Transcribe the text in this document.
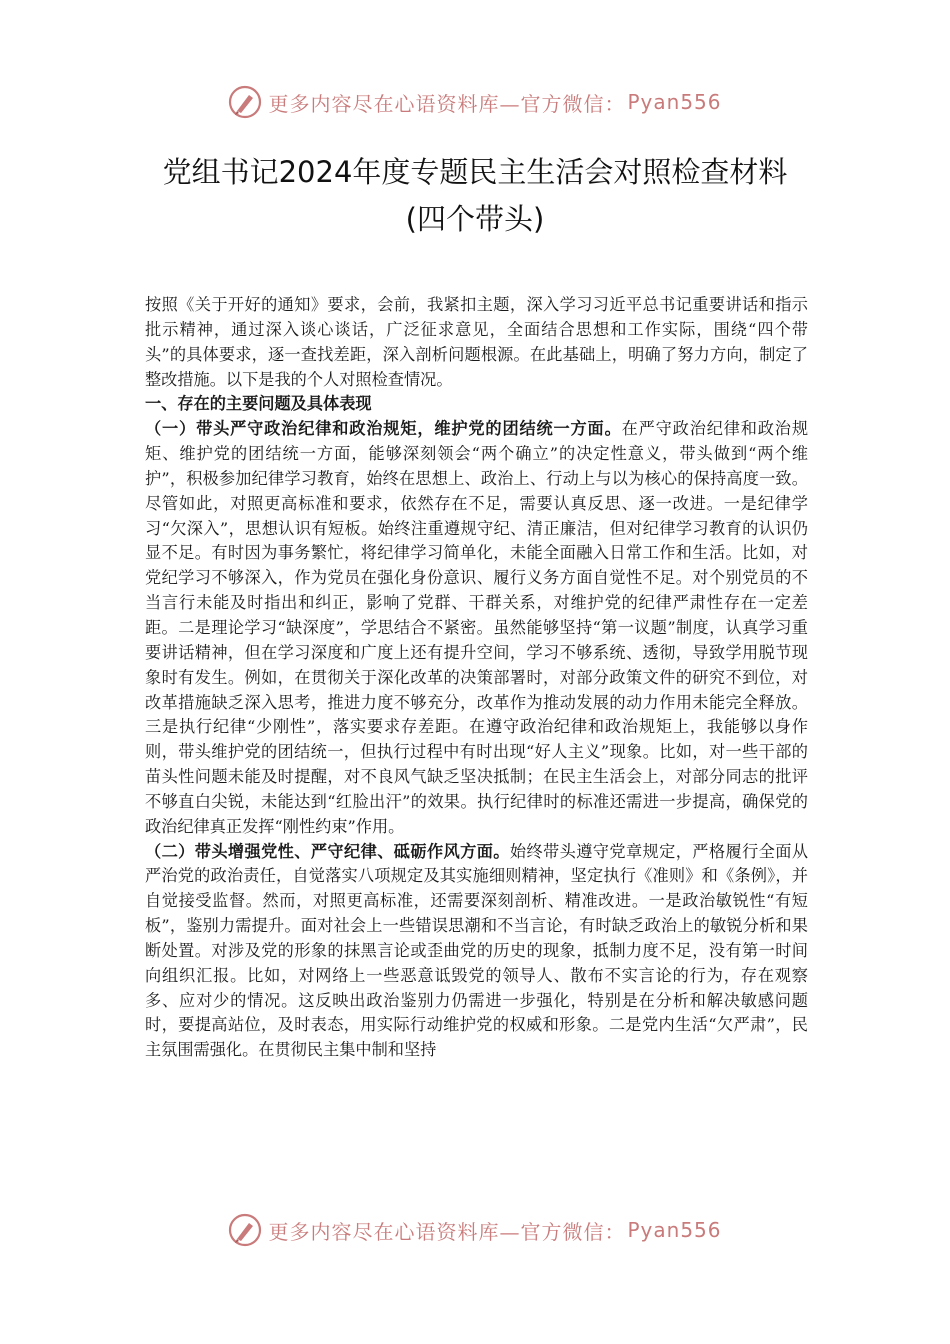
更多内容尽在心语资料库—官方微信： Pyan556
党组书记2024年度专题民主生活会对照检查材料
(四个带头)

按照《关于开好的通知》要求，会前，我紧扣主题，深入学习习近平总书记重要讲话和指示批示精神，通过深入谈心谈话，广泛征求意见，全面结合思想和工作实际，围绕“四个带头”的具体要求，逐一查找差距，深入剖析问题根源。在此基础上，明确了努力方向，制定了整改措施。以下是我的个人对照检查情况。

一、存在的主要问题及具体表现

（一）带头严守政治纪律和政治规矩，维护党的团结统一方面。在严守政治纪律和政治规矩、维护党的团结统一方面，能够深刻领会“两个确立”的决定性意义，带头做到“两个维护”，积极参加纪律学习教育，始终在思想上、政治上、行动上与以为核心的保持高度一致。尽管如此，对照更高标准和要求，依然存在不足，需要认真反思、逐一改进。一是纪律学习“欠深入”，思想认识有短板。始终注重遵规守纪、清正廉洁，但对纪律学习教育的认识仍显不足。有时因为事务繁忙，将纪律学习简单化，未能全面融入日常工作和生活。比如，对党纪学习不够深入，作为党员在强化身份意识、履行义务方面自觉性不足。对个别党员的不当言行未能及时指出和纠正，影响了党群、干群关系，对维护党的纪律严肃性存在一定差距。二是理论学习“缺深度”，学思结合不紧密。虽然能够坚持“第一议题”制度，认真学习重要讲话精神，但在学习深度和广度上还有提升空间，学习不够系统、透彻，导致学用脱节现象时有发生。例如，在贯彻关于深化改革的决策部署时，对部分政策文件的研究不到位，对改革措施缺乏深入思考，推进力度不够充分，改革作为推动发展的动力作用未能完全释放。三是执行纪律“少刚性”，落实要求存差距。在遵守政治纪律和政治规矩上，我能够以身作则，带头维护党的团结统一，但执行过程中有时出现“好人主义”现象。比如，对一些干部的苗头性问题未能及时提醒，对不良风气缺乏坚决抵制；在民主生活会上，对部分同志的批评不够直白尖锐，未能达到“红脸出汗”的效果。执行纪律时的标准还需进一步提高，确保党的政治纪律真正发挥“刚性约束”作用。

（二）带头增强党性、严守纪律、砥砺作风方面。始终带头遵守党章规定，严格履行全面从严治党的政治责任，自觉落实八项规定及其实施细则精神，坚定执行《准则》和《条例》，并自觉接受监督。然而，对照更高标准，还需要深刻剖析、精准改进。一是政治敏锐性“有短板”，鉴别力需提升。面对社会上一些错误思潮和不当言论，有时缺乏政治上的敏锐分析和果断处置。对涉及党的形象的抹黑言论或歪曲党的历史的现象，抵制力度不足，没有第一时间向组织汇报。比如，对网络上一些恶意诋毁党的领导人、散布不实言论的行为，存在观察多、应对少的情况。这反映出政治鉴别力仍需进一步强化，特别是在分析和解决敏感问题时，要提高站位，及时表态，用实际行动维护党的权威和形象。二是党内生活“欠严肃”，民主氛围需强化。在贯彻民主集中制和坚持

更多内容尽在心语资料库—官方微信： Pyan556
